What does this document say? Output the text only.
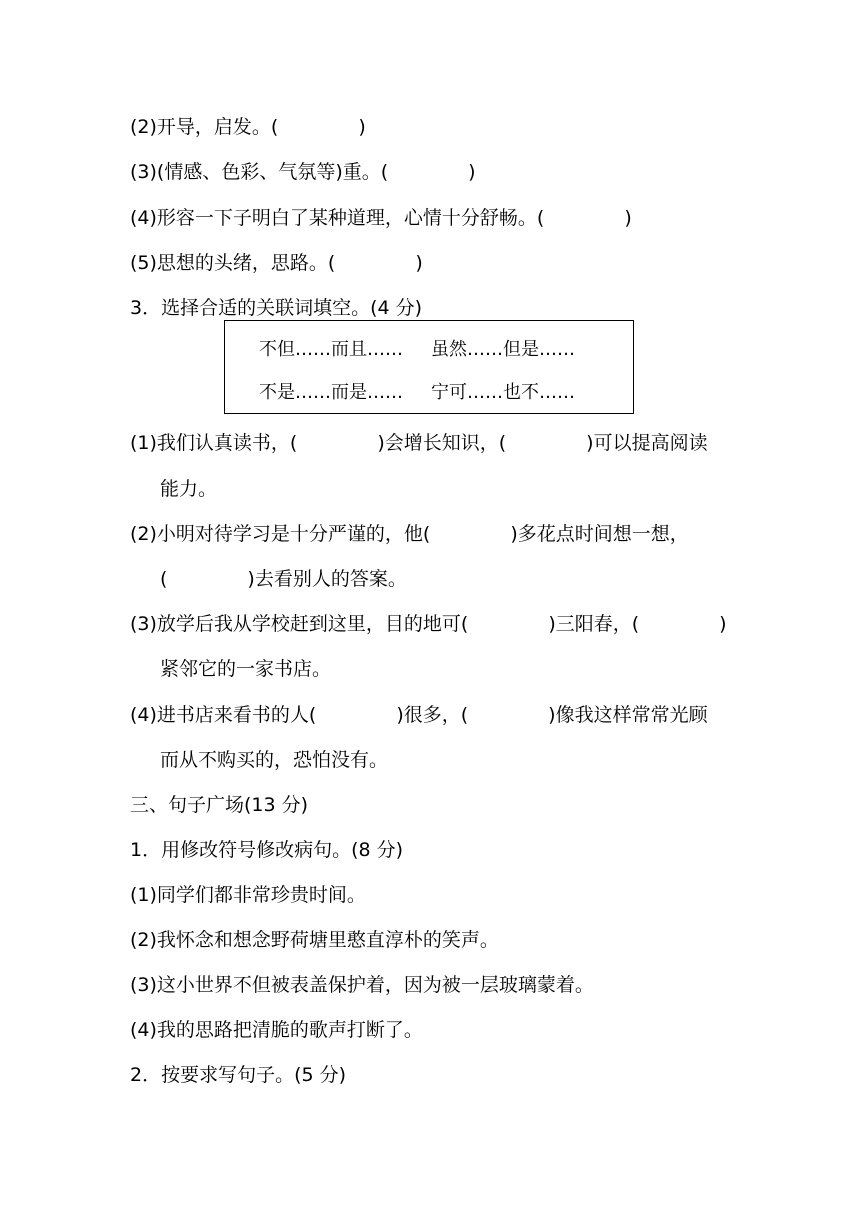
(2)开导，启发。(	)
(3)(情感、色彩、气氛等)重。(	)
(4)形容一下子明白了某种道理，心情十分舒畅。(	)
(5)思想的头绪，思路。(	)
3．选择合适的关联词填空。(4 分)
不但……而且…… 虽然……但是……
不是……而是…… 宁可……也不……
(1)我们认真读书，(	)会增长知识，(	)可以提高阅读
能力。
(2)小明对待学习是十分严谨的，他(	)多花点时间想一想，
(	)去看别人的答案。
(3)放学后我从学校赶到这里，目的地可(	)三阳春，(	)
紧邻它的一家书店。
(4)进书店来看书的人(	)很多，(	)像我这样常常光顾
而从不购买的，恐怕没有。
三、句子广场(13 分)
1．用修改符号修改病句。(8 分)
(1)同学们都非常珍贵时间。
(2)我怀念和想念野荷塘里憨直淳朴的笑声。
(3)这小世界不但被表盖保护着，因为被一层玻璃蒙着。
(4)我的思路把清脆的歌声打断了。
2．按要求写句子。(5 分)
